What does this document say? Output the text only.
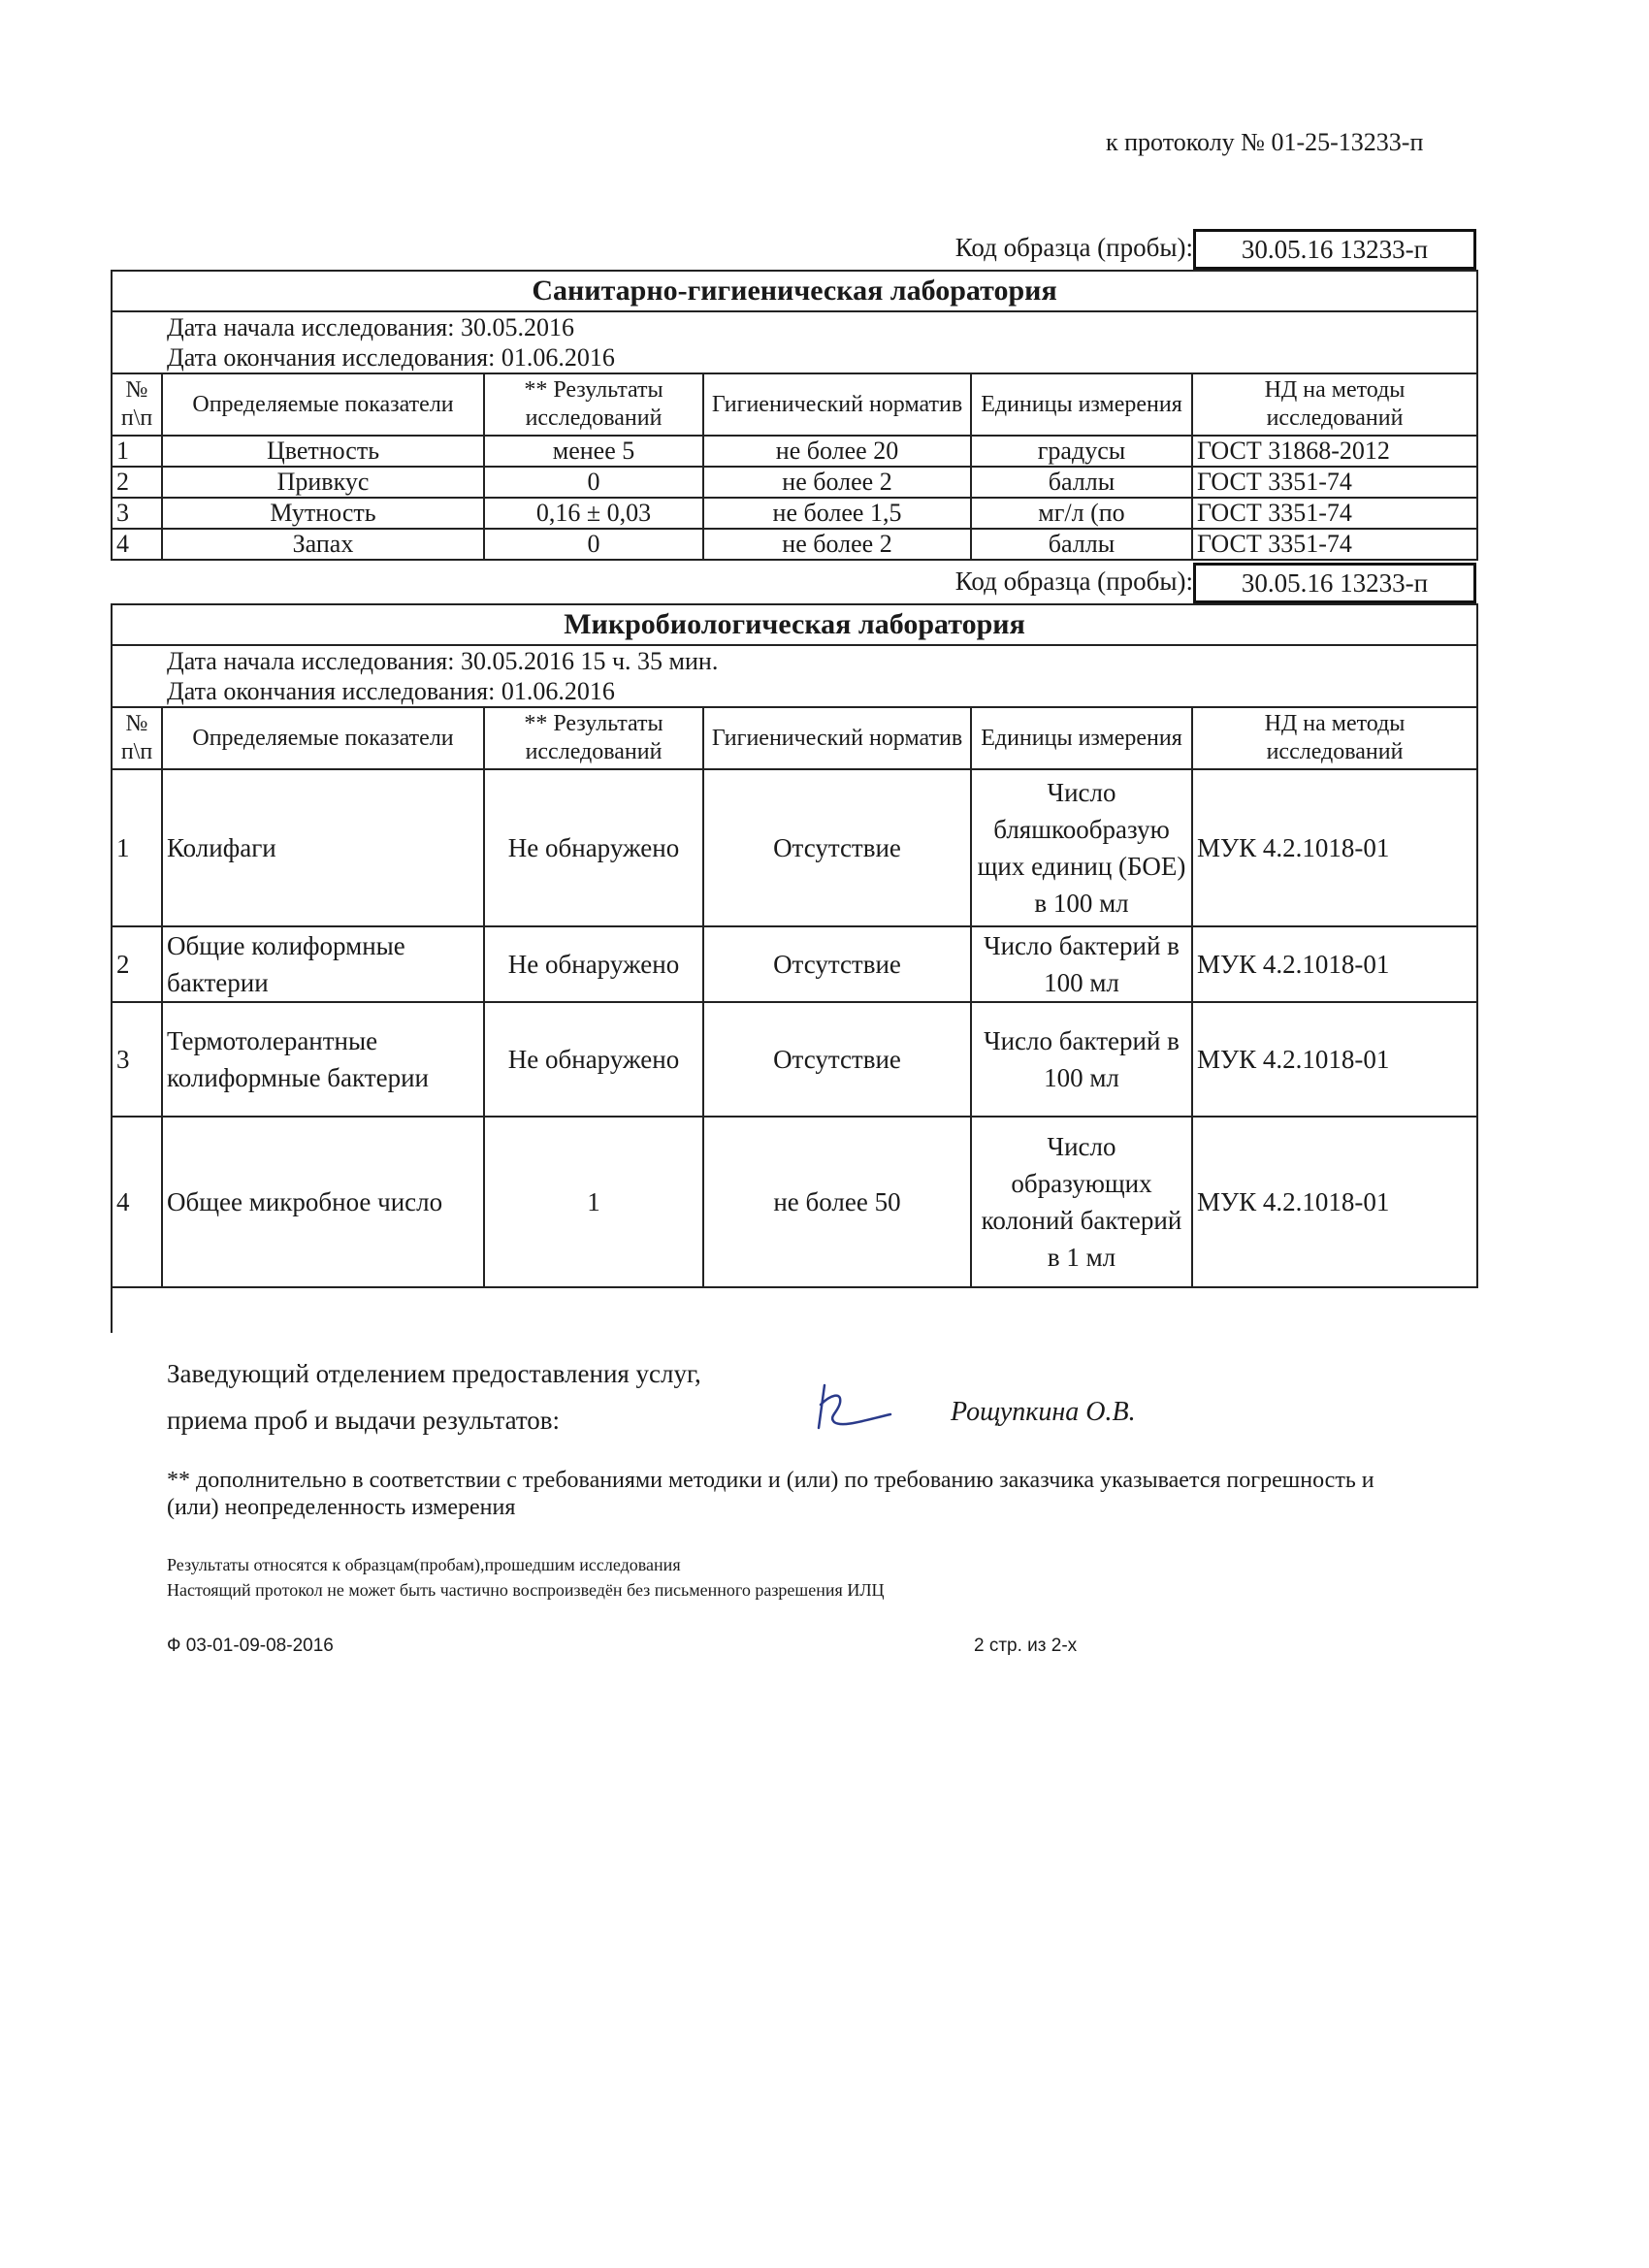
к протоколу № 01-25-13233-п
Код образца (пробы):	30.05.16 13233-п
Санитарно-гигиеническая лаборатория					

Дата начала исследования: 30.05.2016
Дата окончания исследования: 01.06.2016					

№ п\п	Определяемые показатели	** Результаты исследований	Гигиенический норматив	Единицы измерения	НД на методы исследований
1	Цветность	менее 5	не более 20	градусы	ГОСТ 31868-2012
2	Привкус	0	не более 2	баллы	ГОСТ 3351-74
3	Мутность	0,16 ± 0,03	не более 1,5	мг/л (по	ГОСТ 3351-74
4	Запах	0	не более 2	баллы	ГОСТ 3351-74
Код образца (пробы):	30.05.16 13233-п
Микробиологическая лаборатория					

Дата начала исследования: 30.05.2016 15 ч. 35 мин.
Дата окончания исследования: 01.06.2016					

№ п\п	Определяемые показатели	** Результаты исследований	Гигиенический норматив	Единицы измерения	НД на методы исследований
1	Колифаги	Не обнаружено	Отсутствие	Число бляшкообразую щих единиц (БОЕ) в 100 мл	МУК 4.2.1018-01
2	Общие колиформные бактерии	Не обнаружено	Отсутствие	Число бактерий в 100 мл	МУК 4.2.1018-01
3	Термотолерантные колиформные бактерии	Не обнаружено	Отсутствие	Число бактерий в 100 мл	МУК 4.2.1018-01
4	Общее микробное число	1	не более 50	Число образующих колоний бактерий в 1 мл	МУК 4.2.1018-01

Заведующий отделением предоставления услуг,
приема проб и выдачи результатов:	Рощупкина О.В.
** дополнительно в соответствии с требованиями методики и (или) по требованию заказчика указывается погрешность и (или) неопределенность измерения
Результаты относятся к образцам(пробам),прошедшим исследования
Настоящий протокол не может быть частично воспроизведён без письменного разрешения ИЛЦ
Ф 03-01-09-08-2016	2 стр. из 2-х
